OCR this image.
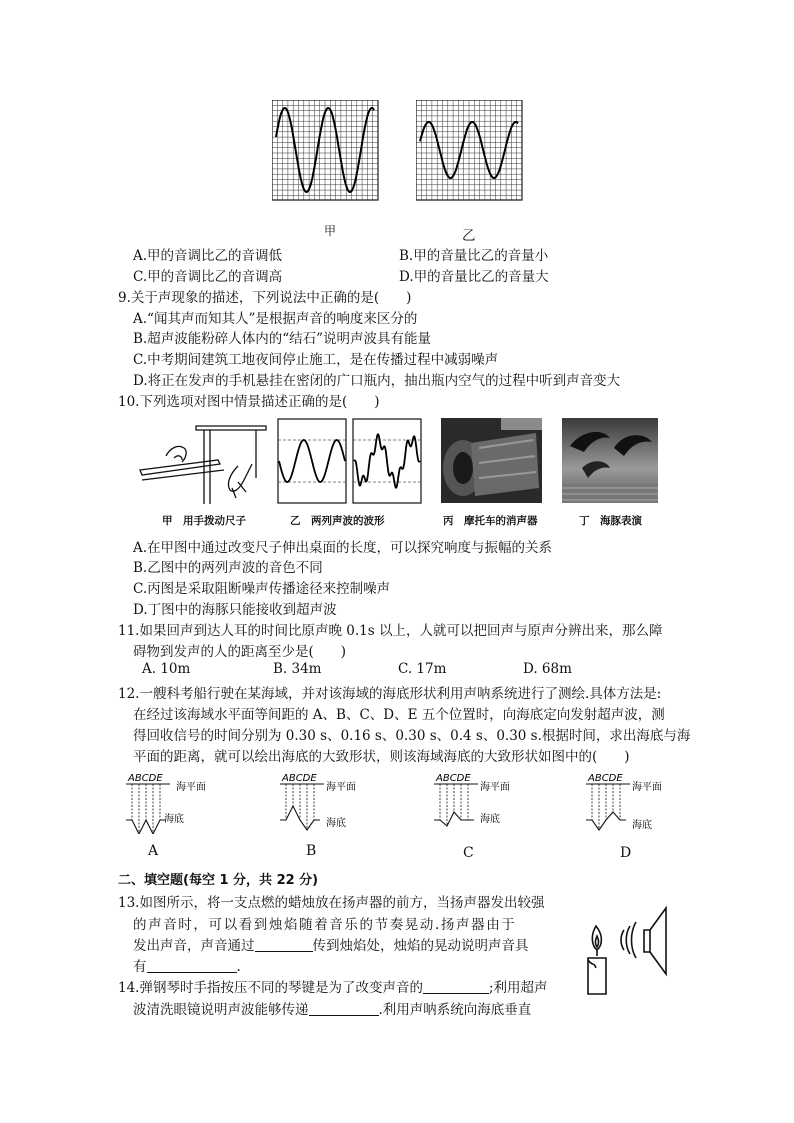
甲	乙
A.甲的音调比乙的音调低	B.甲的音量比乙的音量小
C.甲的音调比乙的音调高	D.甲的音量比乙的音量大
9.关于声现象的描述，下列说法中正确的是(　　)
A.“闻其声而知其人”是根据声音的响度来区分的
B.超声波能粉碎人体内的“结石”说明声波具有能量
C.中考期间建筑工地夜间停止施工，是在传播过程中减弱噪声
D.将正在发声的手机悬挂在密闭的广口瓶内，抽出瓶内空气的过程中听到声音变大
10.下列选项对图中情景描述正确的是(　　)
甲　用手拨动尺子	乙　两列声波的波形	丙　摩托车的消声器	丁　海豚表演
A.在甲图中通过改变尺子伸出桌面的长度，可以探究响度与振幅的关系
B.乙图中的两列声波的音色不同
C.丙图是采取阻断噪声传播途径来控制噪声
D.丁图中的海豚只能接收到超声波
11.如果回声到达人耳的时间比原声晚 0.1s 以上，人就可以把回声与原声分辨出来，那么障
碍物到发声的人的距离至少是(　　)
A. 10m	B. 34m	C. 17m	D. 68m
12.一艘科考船行驶在某海域，并对该海域的海底形状利用声呐系统进行了测绘.具体方法是:
在经过该海域水平面等间距的 A、B、C、D、E 五个位置时，向海底定向发射超声波，测
得回收信号的时间分别为 0.30 s、0.16 s、0.30 s、0.4 s、0.30 s.根据时间，求出海底与海
平面的距离，就可以绘出海底的大致形状，则该海域海底的大致形状如图中的(　　)
ABCDE
海平面
海底
ABCDE
海平面
海底
ABCDE
海平面
海底
ABCDE
海平面
海底
A	B	C	D
二、填空题(每空 1 分，共 22 分)
13.如图所示，将一支点燃的蜡烛放在扬声器的前方，当扬声器发出较强
的声音时，可以看到烛焰随着音乐的节奏晃动.扬声器由于
发出声音，声音通过	传到烛焰处，烛焰的晃动说明声音具
有	.
14.弹钢琴时手指按压不同的琴键是为了改变声音的	;利用超声
波清洗眼镜说明声波能够传递	.利用声呐系统向海底垂直
